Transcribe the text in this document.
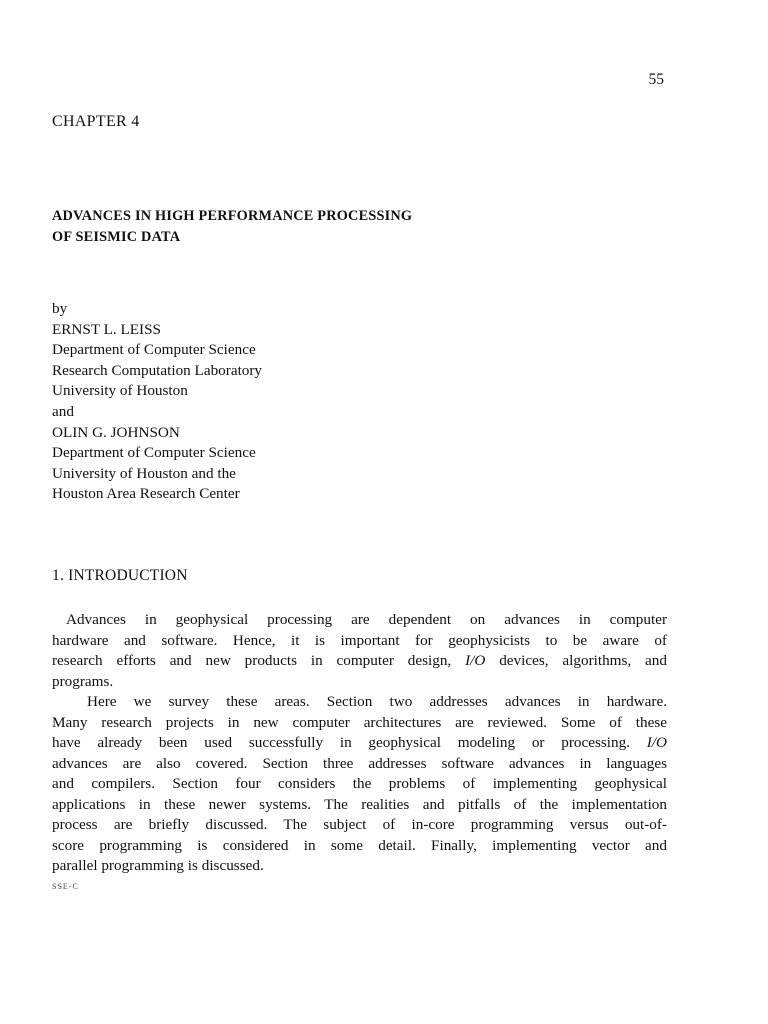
55
CHAPTER 4
ADVANCES IN HIGH PERFORMANCE PROCESSING
OF SEISMIC DATA
by
ERNST L. LEISS
Department of Computer Science
Research Computation Laboratory
University of Houston
and
OLIN G. JOHNSON
Department of Computer Science
University of Houston and the
Houston Area Research Center
1. INTRODUCTION
Advances in geophysical processing are dependent on advances in computer
hardware and software. Hence, it is important for geophysicists to be aware of
research efforts and new products in computer design, I/O devices, algorithms, and
programs.
Here we survey these areas. Section two addresses advances in hardware.
Many research projects in new computer architectures are reviewed. Some of these
have already been used successfully in geophysical modeling or processing. I/O
advances are also covered. Section three addresses software advances in languages
and compilers. Section four considers the problems of implementing geophysical
applications in these newer systems. The realities and pitfalls of the implementation
process are briefly discussed. The subject of in-core programming versus out-of-
score programming is considered in some detail. Finally, implementing vector and
parallel programming is discussed.
SSE-C
